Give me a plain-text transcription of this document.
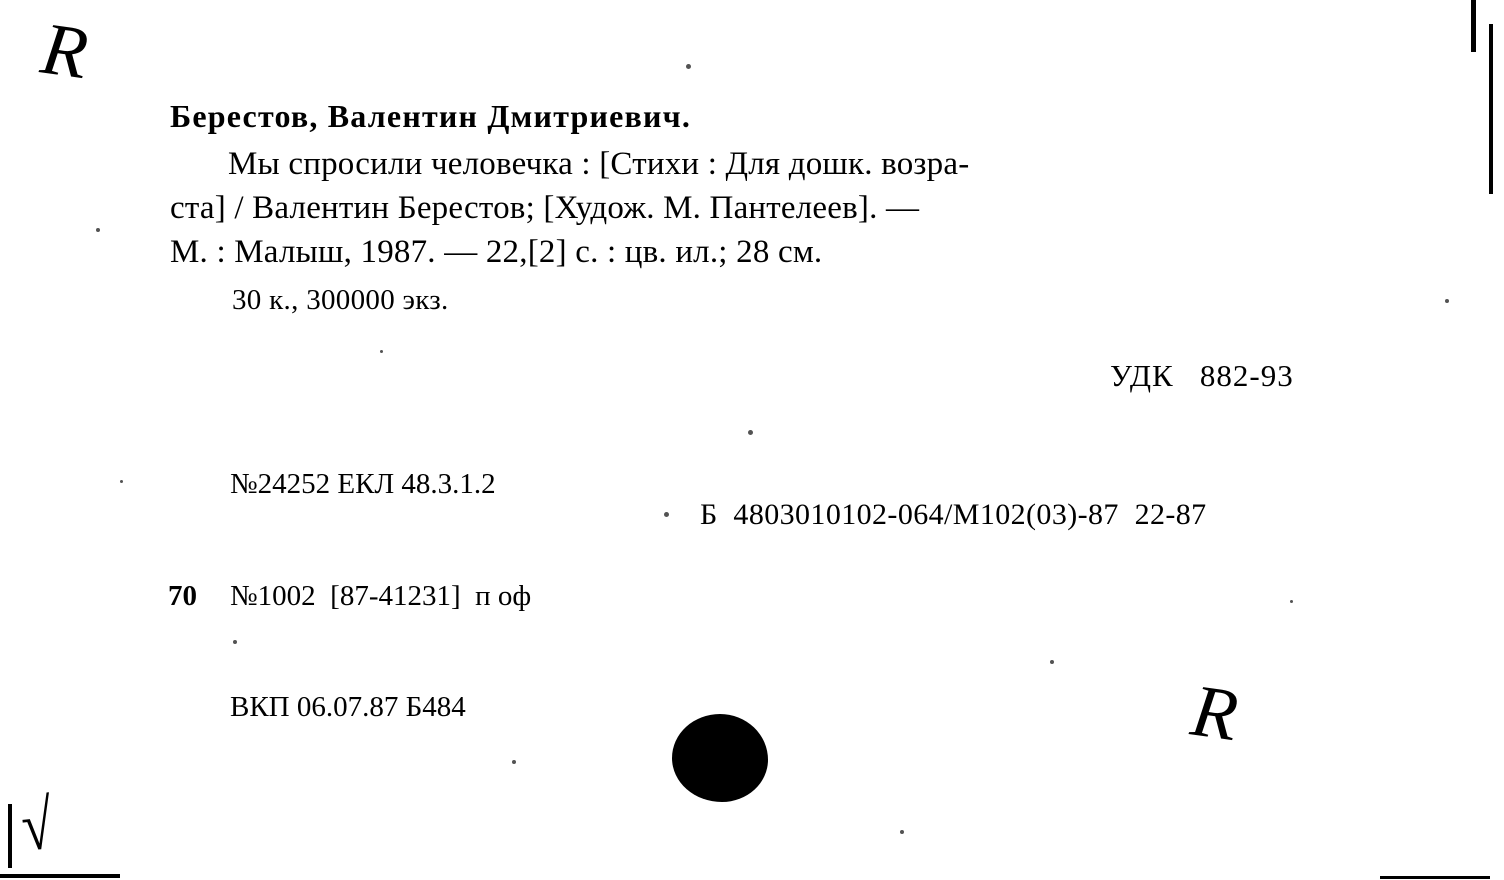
Берестов, Валентин Дмитриевич.
Мы спросили человечка : [Стихи : Для дошк. возра-
ста] / Валентин Берестов; [Худож. М. Пантелеев]. —
М. : Малыш, 1987. — 22,[2] с. : цв. ил.; 28 см.
30 к., 300000 экз.
УДК   882-93

№24252 ЕКЛ 48.3.1.2

70 №1002  [87-41231]  п оф

ВКП 06.07.87 Б484

Б  4803010102-064/М102(03)-87  22-87
R
R
√
